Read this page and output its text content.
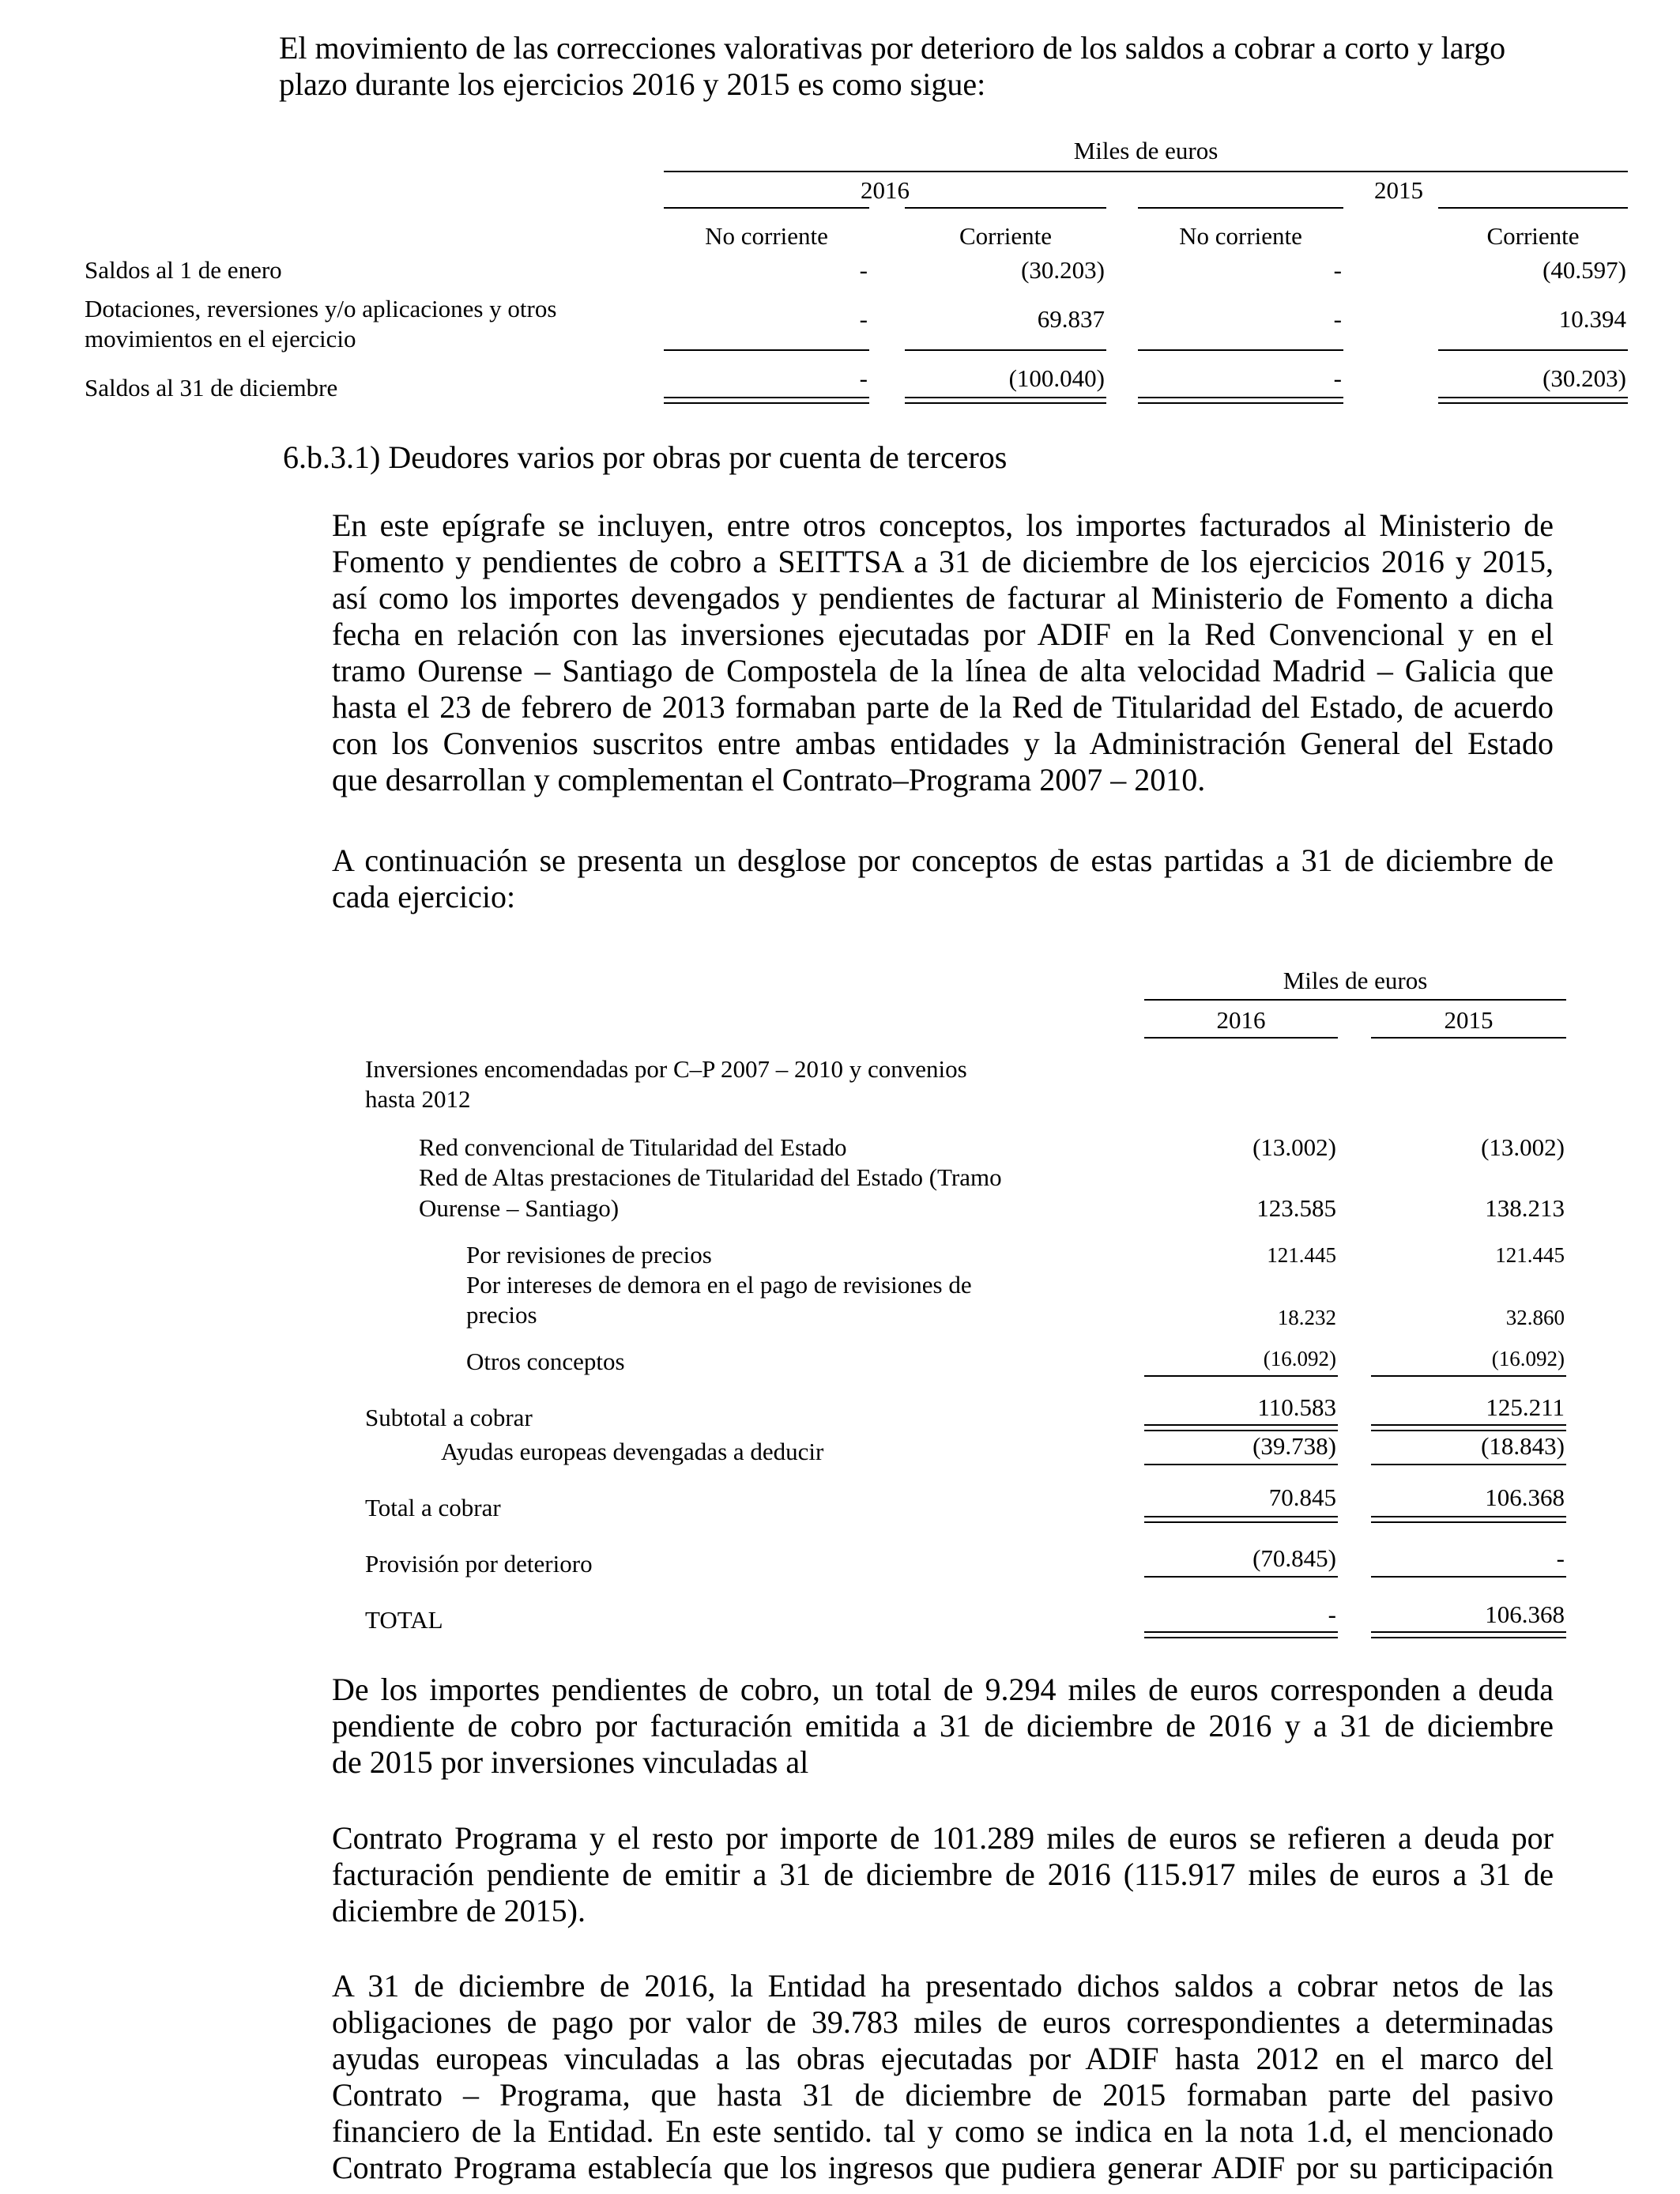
El movimiento de las correcciones valorativas por deterioro de los saldos a cobrar a corto y largo
plazo durante los ejercicios 2016 y 2015 es como sigue:
Miles de euros
2016	2015
No corriente	Corriente	No corriente	Corriente
Saldos al 1 de enero	-	(30.203)	-	(40.597)
Dotaciones, reversiones y/o aplicaciones y otros
movimientos en el ejercicio
-	69.837	-	10.394
Saldos al 31 de diciembre	-	(100.040)	-	(30.203)
6.b.3.1) Deudores varios por obras por cuenta de terceros
En este epígrafe se incluyen, entre otros conceptos, los importes facturados al Ministerio de
Fomento y pendientes de cobro a SEITTSA a 31 de diciembre de los ejercicios 2016 y 2015,
así como los importes devengados y pendientes de facturar al Ministerio de Fomento a dicha
fecha en relación con las inversiones ejecutadas por ADIF en la Red Convencional y en el
tramo Ourense – Santiago de Compostela de la línea de alta velocidad Madrid – Galicia que
hasta el 23 de febrero de 2013 formaban parte de la Red de Titularidad del Estado, de acuerdo
con los Convenios suscritos entre ambas entidades y la Administración General del Estado
que desarrollan y complementan el Contrato–Programa 2007 – 2010.
A continuación se presenta un desglose por conceptos de estas partidas a 31 de diciembre de
cada ejercicio:
Miles de euros
2016	2015
Inversiones encomendadas por C–P 2007 – 2010 y convenios
hasta 2012
Red convencional de Titularidad del Estado	(13.002)	(13.002)
Red de Altas prestaciones de Titularidad del Estado (Tramo
Ourense – Santiago)	123.585	138.213
Por revisiones de precios	121.445	121.445
Por intereses de demora en el pago de revisiones de
precios	18.232	32.860
Otros conceptos	(16.092)	(16.092)
Subtotal a cobrar	110.583	125.211
Ayudas europeas devengadas a deducir	(39.738)	(18.843)
Total a cobrar	70.845	106.368
Provisión por deterioro	(70.845)	-
TOTAL	-	106.368
De los importes pendientes de cobro, un total de 9.294 miles de euros corresponden a deuda
pendiente de cobro por facturación emitida a 31 de diciembre de 2016 y a 31 de diciembre
de 2015 por inversiones vinculadas al
Contrato Programa y el resto por importe de 101.289 miles de euros se refieren a deuda por
facturación pendiente de emitir a 31 de diciembre de 2016 (115.917 miles de euros a 31 de
diciembre de 2015).
A 31 de diciembre de 2016, la Entidad ha presentado dichos saldos a cobrar netos de las
obligaciones de pago por valor de 39.783 miles de euros correspondientes a determinadas
ayudas europeas vinculadas a las obras ejecutadas por ADIF hasta 2012 en el marco del
Contrato – Programa, que hasta 31 de diciembre de 2015 formaban parte del pasivo
financiero de la Entidad. En este sentido. tal y como se indica en la nota 1.d, el mencionado
Contrato Programa establecía que los ingresos que pudiera generar ADIF por su participación
